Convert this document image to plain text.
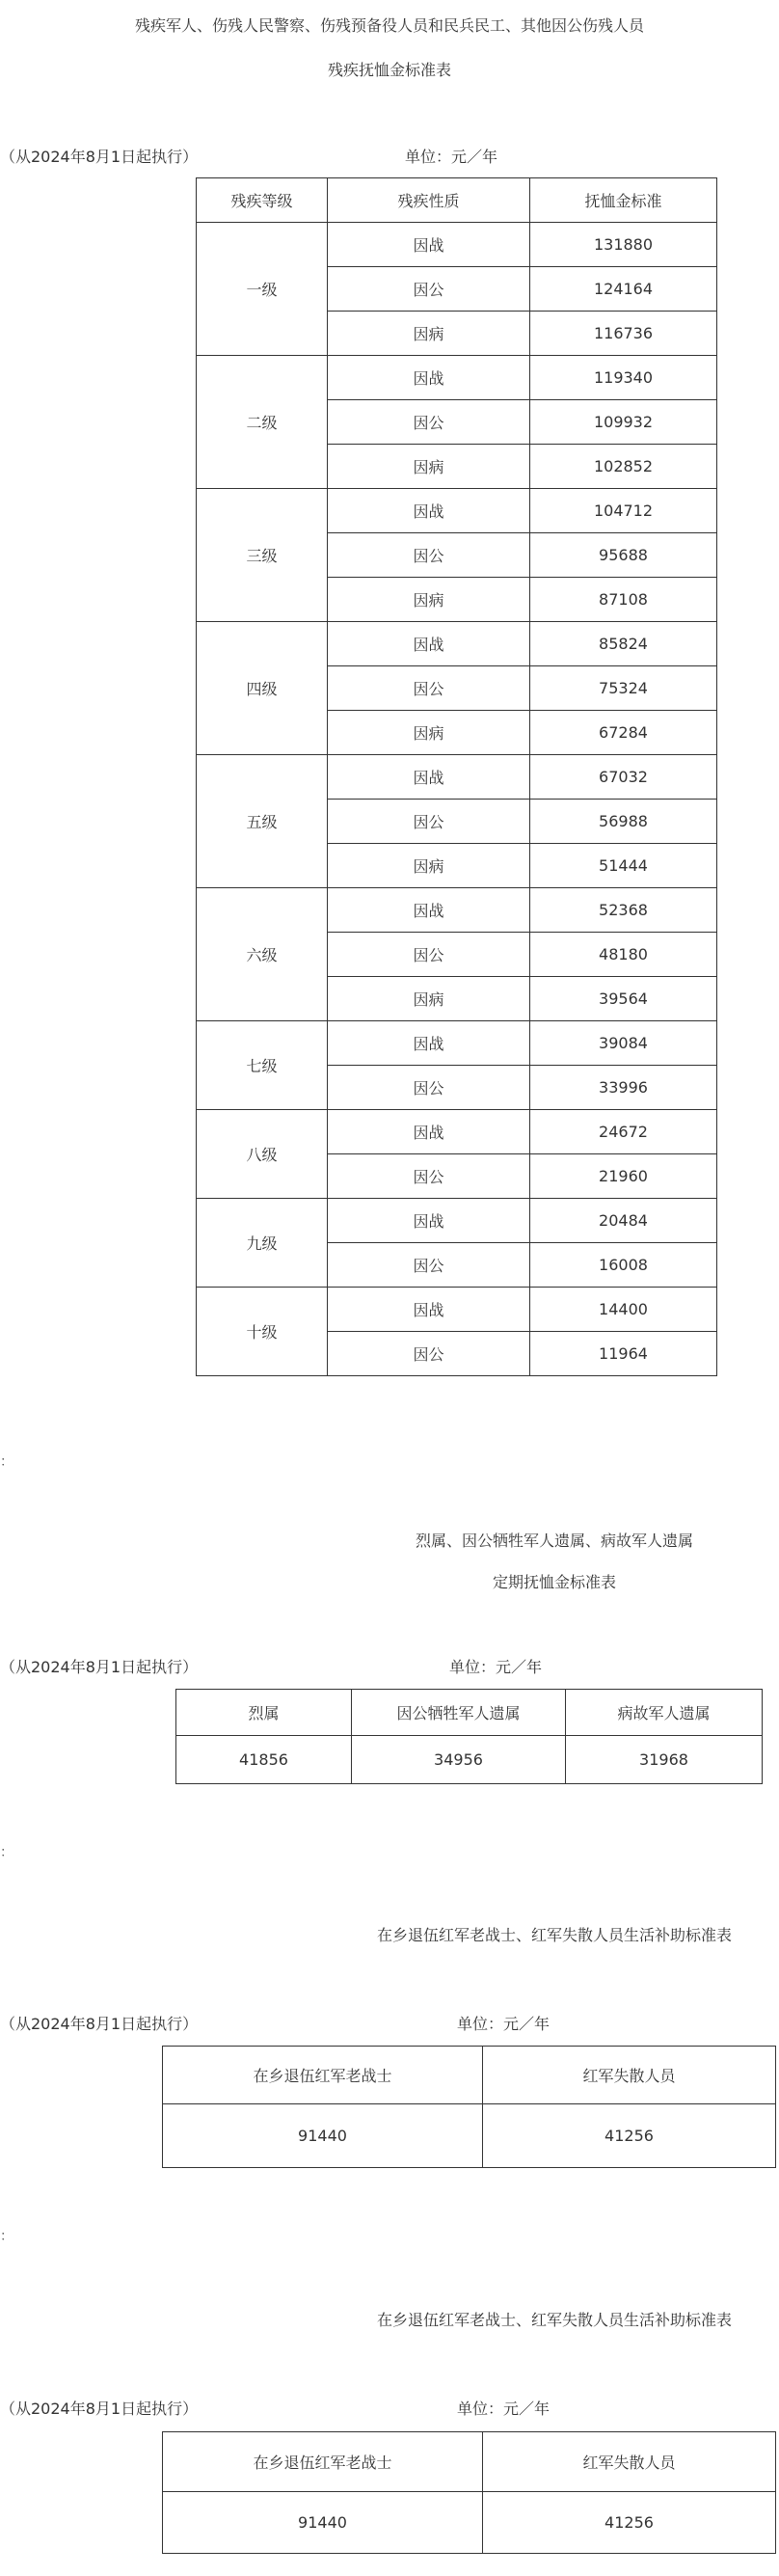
残疾军人、伤残人民警察、伤残预备役人员和民兵民工、其他因公伤残人员
残疾抚恤金标准表
（从2024年8月1日起执行）	单位：元／年
残疾等级	残疾性质	抚恤金标准
一级	因战	131880
	因公	124164
	因病	116736
二级	因战	119340
	因公	109932
	因病	102852
三级	因战	104712
	因公	95688
	因病	87108
四级	因战	85824
	因公	75324
	因病	67284
五级	因战	67032
	因公	56988
	因病	51444
六级	因战	52368
	因公	48180
	因病	39564
七级	因战	39084
	因公	33996
八级	因战	24672
	因公	21960
九级	因战	20484
	因公	16008
十级	因战	14400
	因公	11964
：
烈属、因公牺牲军人遗属、病故军人遗属
定期抚恤金标准表
（从2024年8月1日起执行）	单位：元／年
烈属	因公牺牲军人遗属	病故军人遗属
41856	34956	31968
：
在乡退伍红军老战士、红军失散人员生活补助标准表
（从2024年8月1日起执行）	单位：元／年
在乡退伍红军老战士	红军失散人员
91440	41256
：
在乡退伍红军老战士、红军失散人员生活补助标准表
（从2024年8月1日起执行）	单位：元／年
在乡退伍红军老战士	红军失散人员
91440	41256
